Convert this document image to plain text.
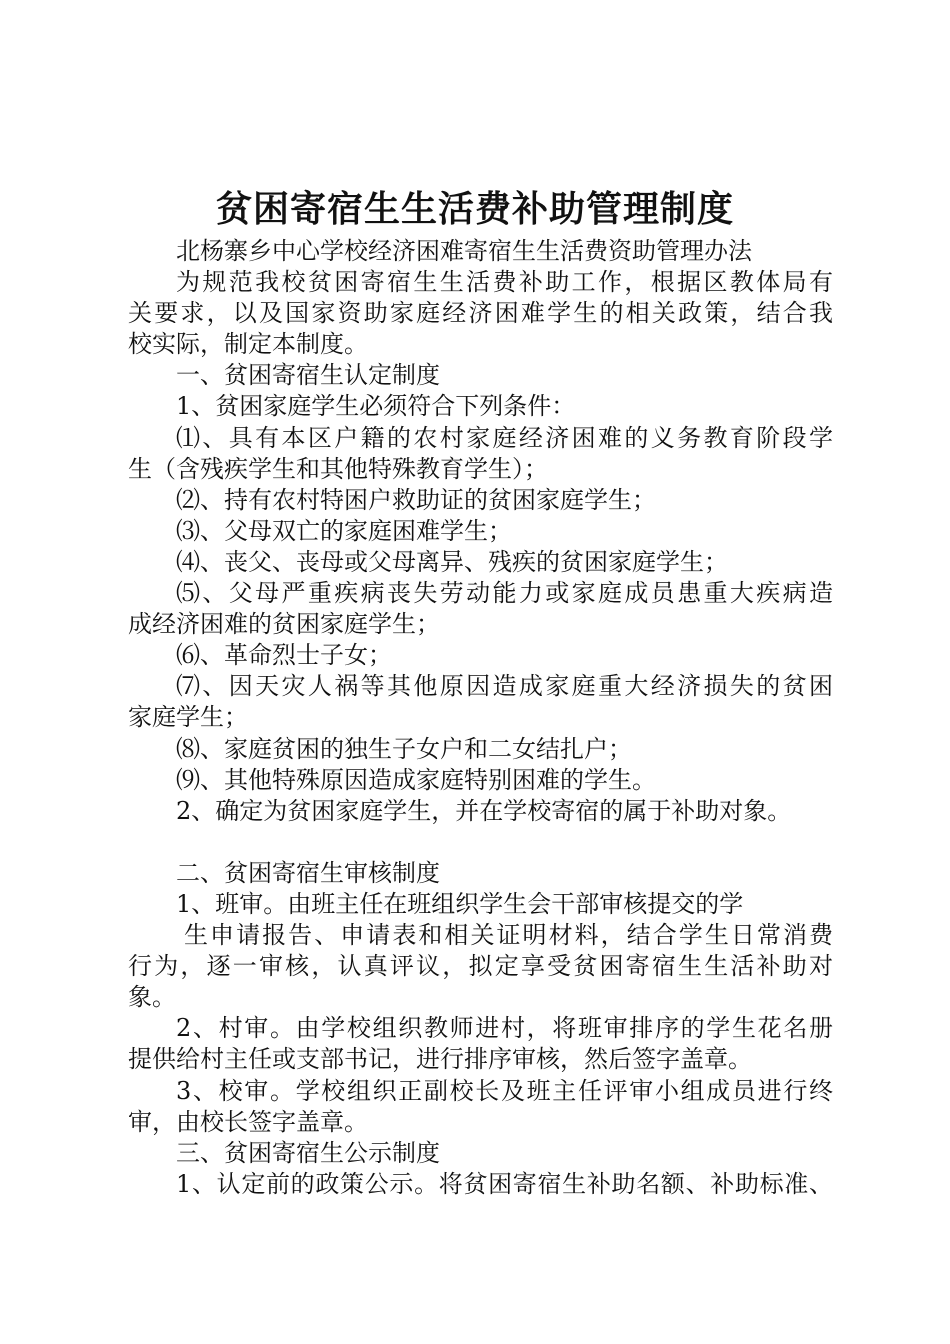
贫困寄宿生生活费补助管理制度
北杨寨乡中心学校经济困难寄宿生生活费资助管理办法
为规范我校贫困寄宿生生活费补助工作，根据区教体局有
关要求，以及国家资助家庭经济困难学生的相关政策，结合我
校实际，制定本制度。
一、贫困寄宿生认定制度
1、贫困家庭学生必须符合下列条件：
⑴、具有本区户籍的农村家庭经济困难的义务教育阶段学
生（含残疾学生和其他特殊教育学生）；
⑵、持有农村特困户救助证的贫困家庭学生；
⑶、父母双亡的家庭困难学生；
⑷、丧父、丧母或父母离异、残疾的贫困家庭学生；
⑸、父母严重疾病丧失劳动能力或家庭成员患重大疾病造
成经济困难的贫困家庭学生；
⑹、革命烈士子女；
⑺、因天灾人祸等其他原因造成家庭重大经济损失的贫困
家庭学生；
⑻、家庭贫困的独生子女户和二女结扎户；
⑼、其他特殊原因造成家庭特别困难的学生。
2、确定为贫困家庭学生，并在学校寄宿的属于补助对象。
二、贫困寄宿生审核制度
1、班审。由班主任在班组织学生会干部审核提交的学
生申请报告、申请表和相关证明材料，结合学生日常消费
行为，逐一审核，认真评议，拟定享受贫困寄宿生生活补助对
象。
2、村审。由学校组织教师进村，将班审排序的学生花名册
提供给村主任或支部书记，进行排序审核，然后签字盖章。
3、校审。学校组织正副校长及班主任评审小组成员进行终
审，由校长签字盖章。
三、贫困寄宿生公示制度
1、认定前的政策公示。将贫困寄宿生补助名额、补助标准、
